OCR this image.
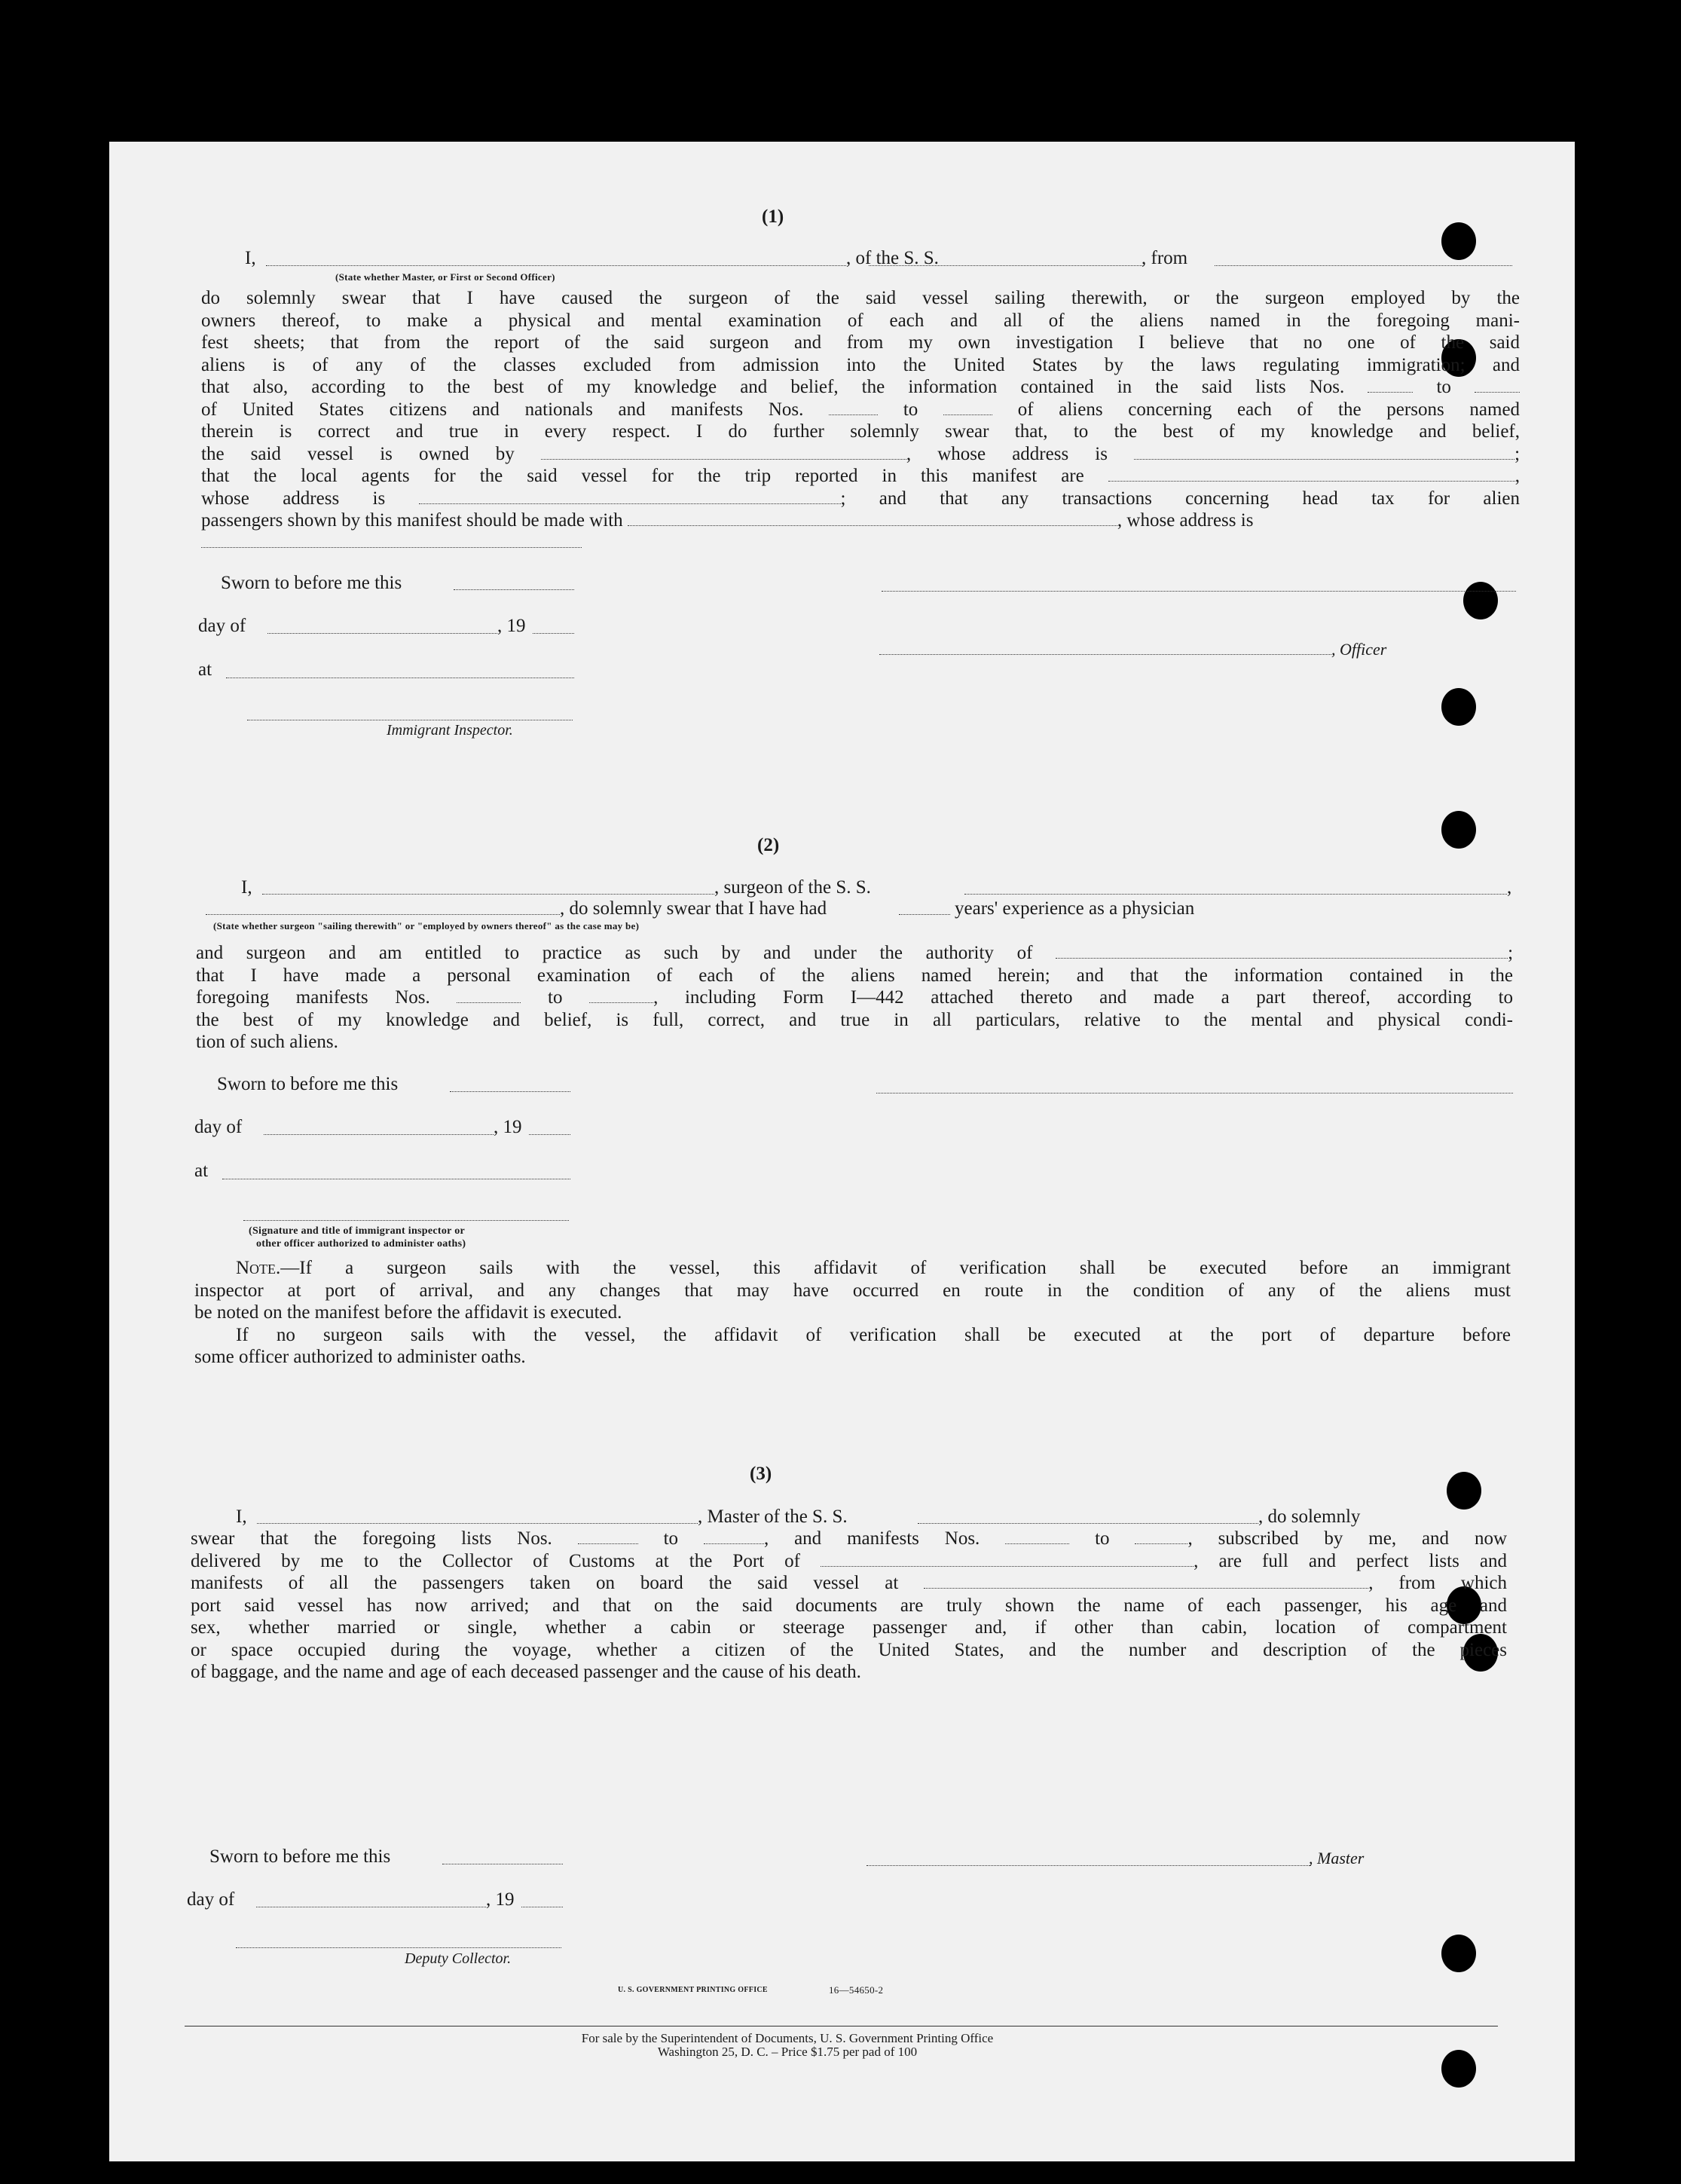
(1)
I,
(State whether Master, or First or Second Officer)
, of the S. S.	, from
do solemnly swear that I have caused the surgeon of the said vessel sailing therewith, or the surgeon employed by the
owners thereof, to make a physical and mental examination of each and all of the aliens named in the foregoing mani-
fest sheets; that from the report of the said surgeon and from my own investigation I believe that no one of the said
aliens is of any of the classes excluded from admission into the United States by the laws regulating immigration; and
that also, according to the best of my knowledge and belief, the information contained in the said lists Nos.	to
of United States citizens and nationals and manifests Nos.	to	of aliens concerning each of the persons named
therein is correct and true in every respect. I do further solemnly swear that, to the best of my knowledge and belief,
the said vessel is owned by	, whose address is	;
that the local agents for the said vessel for the trip reported in this manifest are	,
whose address is	; and that any transactions concerning head tax for alien
passengers shown by this manifest should be made with	, whose address is
Sworn to before me this
day of	, 19
, Officer
at
Immigrant Inspector.
(2)
I,	, surgeon of the S. S.	,
, do solemnly swear that I have had	years' experience as a physician
(State whether surgeon "sailing therewith" or "employed by owners thereof" as the case may be)
and surgeon and am entitled to practice as such by and under the authority of	;
that I have made a personal examination of each of the aliens named herein; and that the information contained in the
foregoing manifests Nos.	to	, including Form I—442 attached thereto and made a part thereof, according to
the best of my knowledge and belief, is full, correct, and true in all particulars, relative to the mental and physical condi-
tion of such aliens.
Sworn to before me this
day of	, 19
at
(Signature and title of immigrant inspector or
other officer authorized to administer oaths)
Note.—If a surgeon sails with the vessel, this affidavit of verification shall be executed before an immigrant
inspector at port of arrival, and any changes that may have occurred en route in the condition of any of the aliens must
be noted on the manifest before the affidavit is executed.
If no surgeon sails with the vessel, the affidavit of verification shall be executed at the port of departure before
some officer authorized to administer oaths.
(3)
I,	, Master of the S. S.	, do solemnly
swear that the foregoing lists Nos.	to	, and manifests Nos.	to	, subscribed by me, and now
delivered by me to the Collector of Customs at the Port of	, are full and perfect lists and
manifests of all the passengers taken on board the said vessel at	, from which
port said vessel has now arrived; and that on the said documents are truly shown the name of each passenger, his age and
sex, whether married or single, whether a cabin or steerage passenger and, if other than cabin, location of compartment
or space occupied during the voyage, whether a citizen of the United States, and the number and description of the pieces
of baggage, and the name and age of each deceased passenger and the cause of his death.
Sworn to before me this	, Master
day of	, 19
Deputy Collector.
U. S. GOVERNMENT PRINTING OFFICE	16—54650-2
For sale by the Superintendent of Documents, U. S. Government Printing Office
Washington 25, D. C. – Price $1.75 per pad of 100
